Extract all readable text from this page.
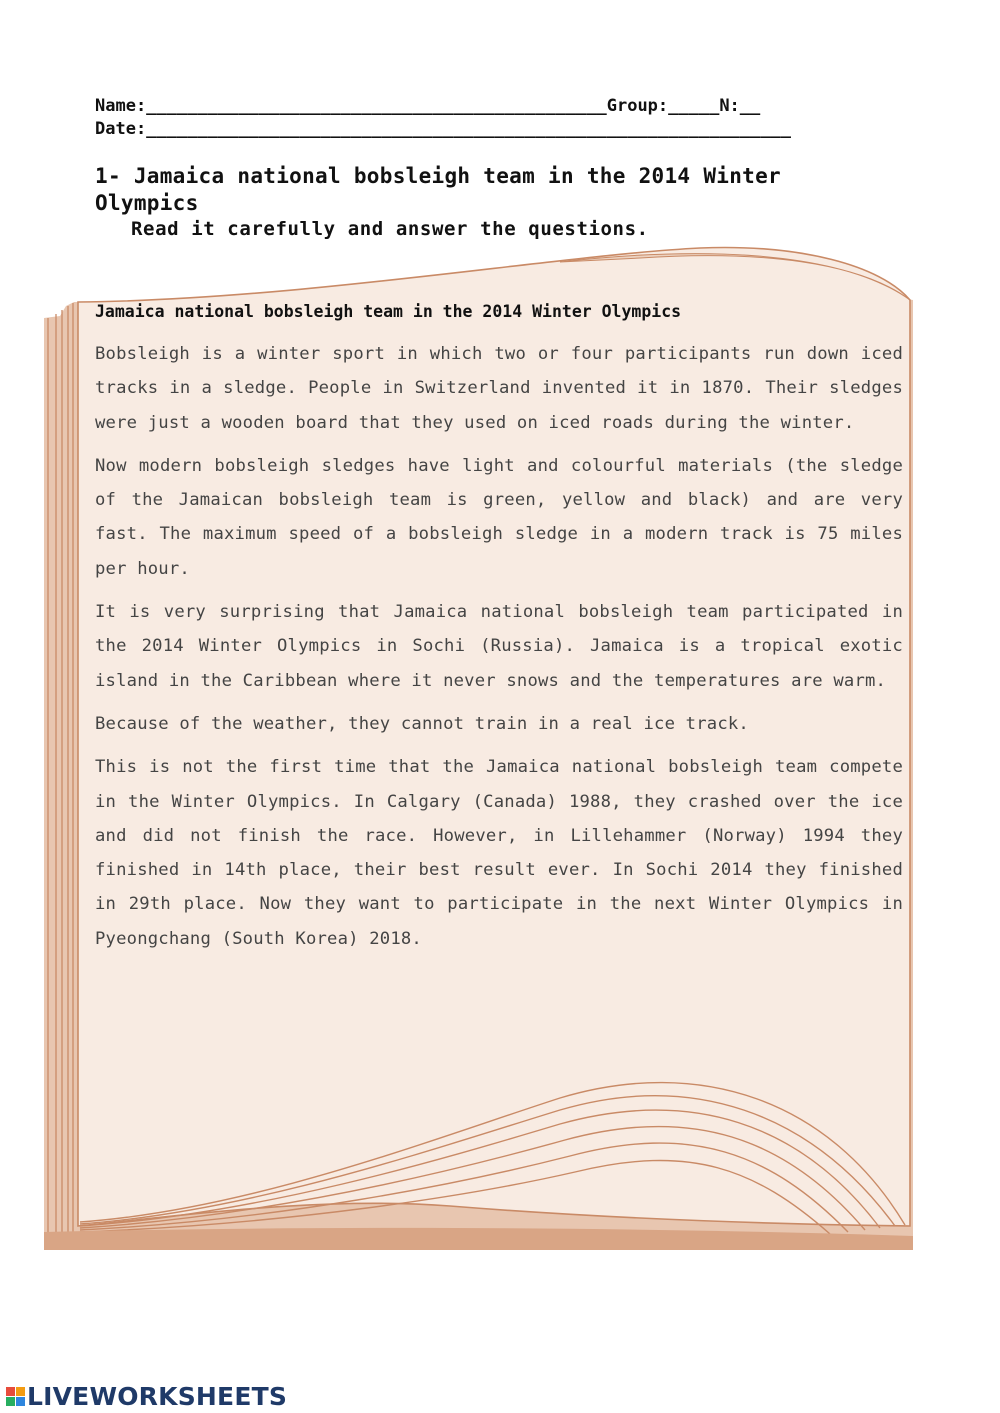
Name:_____________________________________________Group:_____N:__
Date:_______________________________________________________________
1- Jamaica national bobsleigh team in the 2014 Winter Olympics
Read it carefully and answer the questions.
Jamaica national bobsleigh team in the 2014 Winter Olympics

Bobsleigh is a winter sport in which two or four participants run down iced tracks in a sledge. People in Switzerland invented it in 1870. Their sledges were just a wooden board that they used on iced roads during the winter.

Now modern bobsleigh sledges have light and colourful materials (the sledge of the Jamaican bobsleigh team is green, yellow and black) and are very fast. The maximum speed of a bobsleigh sledge in a modern track is 75 miles per hour.

It is very surprising that Jamaica national bobsleigh team participated in the 2014 Winter Olympics in Sochi (Russia). Jamaica is a tropical exotic island in the Caribbean where it never snows and the temperatures are warm.

Because of the weather, they cannot train in a real ice track.

This is not the first time that the Jamaica national bobsleigh team compete in the Winter Olympics. In Calgary (Canada) 1988, they crashed over the ice and did not finish the race. However, in Lillehammer (Norway) 1994 they finished in 14th place, their best result ever. In Sochi 2014 they finished in 29th place. Now they want to participate in the next Winter Olympics in Pyeongchang (South Korea) 2018.

LIVEWORKSHEETS
